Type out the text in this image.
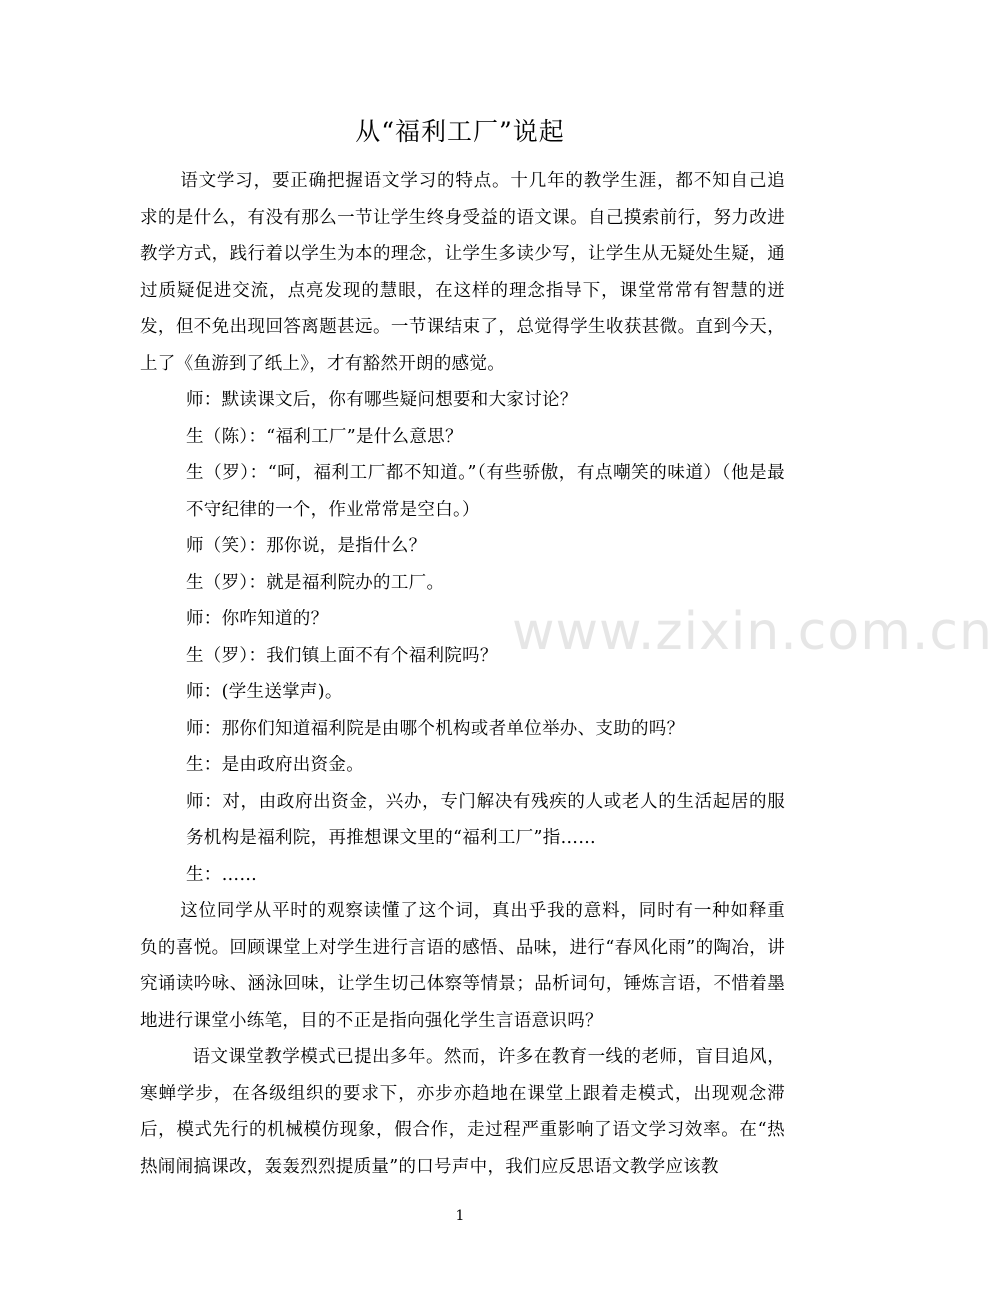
从“福利工厂”说起

语文学习，要正确把握语文学习的特点。十几年的教学生涯，都不知自己追求的是什么，有没有那么一节让学生终身受益的语文课。自己摸索前行，努力改进教学方式，践行着以学生为本的理念，让学生多读少写，让学生从无疑处生疑，通过质疑促进交流，点亮发现的慧眼，在这样的理念指导下，课堂常常有智慧的迸发，但不免出现回答离题甚远。一节课结束了，总觉得学生收获甚微。直到今天，上了《鱼游到了纸上》，才有豁然开朗的感觉。

师：默读课文后，你有哪些疑问想要和大家讨论？

生（陈）：“福利工厂”是什么意思？

生（罗）：“呵，福利工厂都不知道。”（有些骄傲，有点嘲笑的味道）（他是最不守纪律的一个，作业常常是空白。）

师（笑）：那你说，是指什么？

生（罗）：就是福利院办的工厂。

师：你咋知道的？

生（罗）：我们镇上面不有个福利院吗？

师：(学生送掌声)。

师：那你们知道福利院是由哪个机构或者单位举办、支助的吗？

生：是由政府出资金。

师：对，由政府出资金，兴办，专门解决有残疾的人或老人的生活起居的服务机构是福利院，再推想课文里的“福利工厂”指……

生：……

这位同学从平时的观察读懂了这个词，真出乎我的意料，同时有一种如释重负的喜悦。回顾课堂上对学生进行言语的感悟、品味，进行“春风化雨”的陶冶，讲究诵读吟咏、涵泳回味，让学生切己体察等情景；品析词句，锤炼言语，不惜着墨地进行课堂小练笔，目的不正是指向强化学生言语意识吗？

语文课堂教学模式已提出多年。然而，许多在教育一线的老师，盲目追风，寒蝉学步，在各级组织的要求下，亦步亦趋地在课堂上跟着走模式，出现观念滞后，模式先行的机械模仿现象，假合作，走过程严重影响了语文学习效率。在“热热闹闹搞课改，轰轰烈烈提质量”的口号声中，我们应反思语文教学应该教

www.zixin.com.cn
1
